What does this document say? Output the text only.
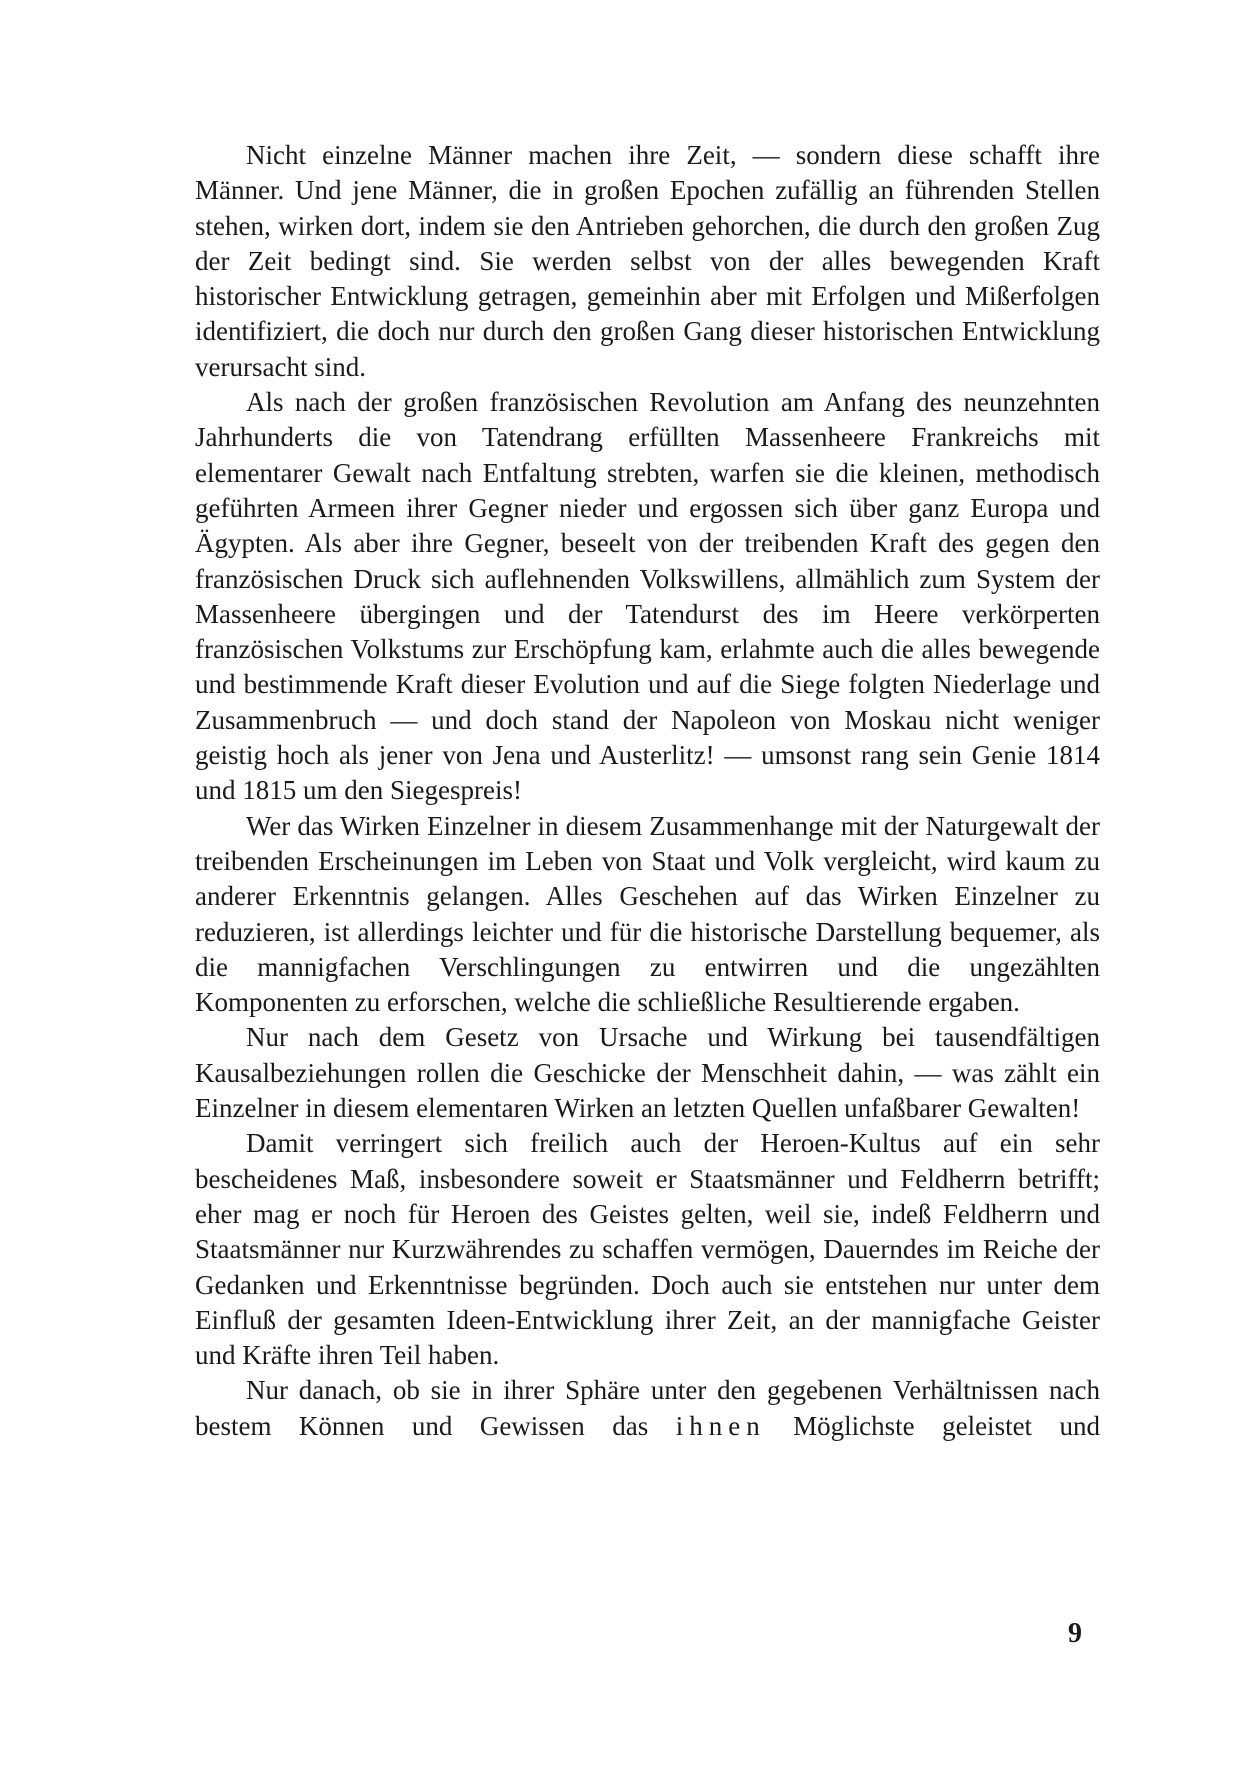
Nicht einzelne Männer machen ihre Zeit, — sondern diese schafft ihre Männer. Und jene Männer, die in großen Epochen zufällig an führenden Stellen stehen, wirken dort, indem sie den Antrieben gehorchen, die durch den großen Zug der Zeit bedingt sind. Sie werden selbst von der alles bewegenden Kraft historischer Entwicklung getragen, gemeinhin aber mit Erfolgen und Mißerfolgen identifiziert, die doch nur durch den großen Gang dieser historischen Entwicklung verursacht sind.

Als nach der großen französischen Revolution am Anfang des neunzehnten Jahrhunderts die von Tatendrang erfüllten Massenheere Frankreichs mit elementarer Gewalt nach Entfaltung strebten, warfen sie die kleinen, methodisch geführten Armeen ihrer Gegner nieder und ergossen sich über ganz Europa und Ägypten. Als aber ihre Gegner, beseelt von der treibenden Kraft des gegen den französischen Druck sich auflehnenden Volkswillens, allmählich zum System der Massenheere übergingen und der Tatendurst des im Heere verkörperten französischen Volkstums zur Erschöpfung kam, erlahmte auch die alles bewegende und bestimmende Kraft dieser Evolution und auf die Siege folgten Niederlage und Zusammenbruch — und doch stand der Napoleon von Moskau nicht weniger geistig hoch als jener von Jena und Austerlitz! — umsonst rang sein Genie 1814 und 1815 um den Siegespreis!

Wer das Wirken Einzelner in diesem Zusammenhange mit der Naturgewalt der treibenden Erscheinungen im Leben von Staat und Volk vergleicht, wird kaum zu anderer Erkenntnis gelangen. Alles Geschehen auf das Wirken Einzelner zu reduzieren, ist allerdings leichter und für die historische Darstellung bequemer, als die mannigfachen Verschlingungen zu entwirren und die ungezählten Komponenten zu erforschen, welche die schließliche Resultierende ergaben.

Nur nach dem Gesetz von Ursache und Wirkung bei tausendfältigen Kausalbeziehungen rollen die Geschicke der Menschheit dahin, — was zählt ein Einzelner in diesem elementaren Wirken an letzten Quellen unfaßbarer Gewalten!

Damit verringert sich freilich auch der Heroen-Kultus auf ein sehr bescheidenes Maß, insbesondere soweit er Staatsmänner und Feldherrn betrifft; eher mag er noch für Heroen des Geistes gelten, weil sie, indeß Feldherrn und Staatsmänner nur Kurzwährendes zu schaffen vermögen, Dauerndes im Reiche der Gedanken und Erkenntnisse begründen. Doch auch sie entstehen nur unter dem Einfluß der gesamten Ideen-Entwicklung ihrer Zeit, an der mannigfache Geister und Kräfte ihren Teil haben.

Nur danach, ob sie in ihrer Sphäre unter den gegebenen Verhältnissen nach bestem Können und Gewissen das ihnen Möglichste geleistet und

9
